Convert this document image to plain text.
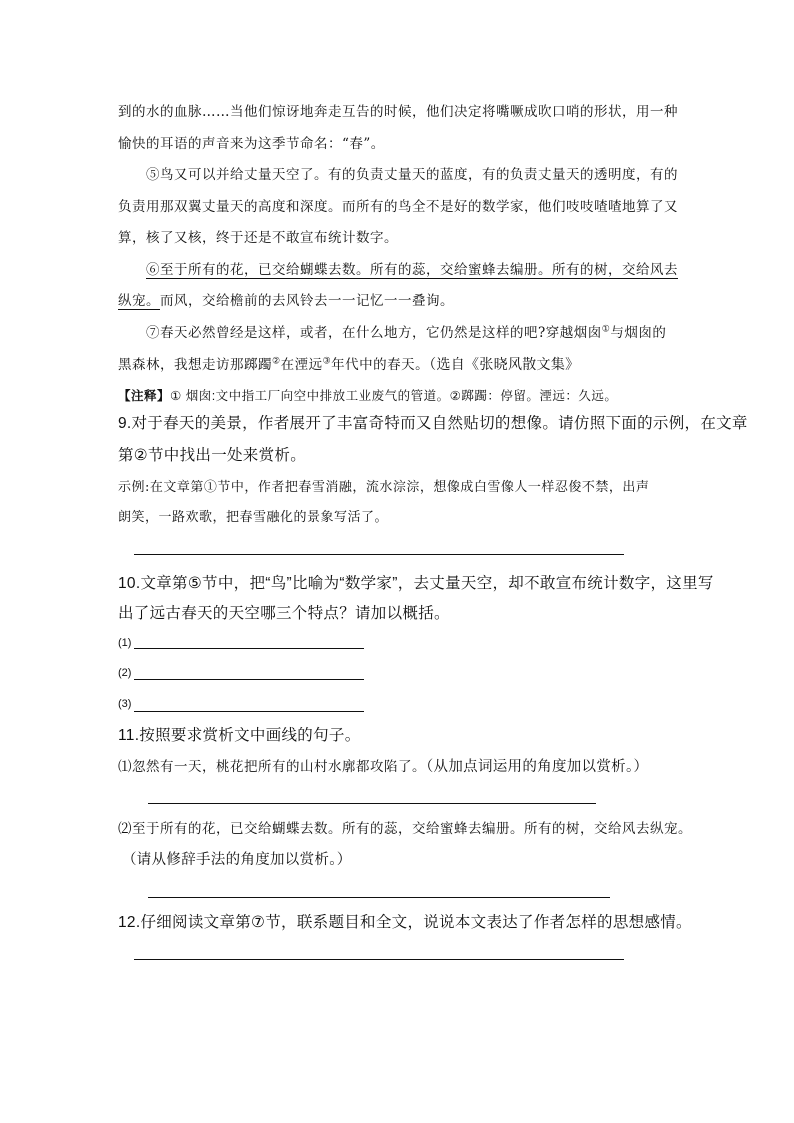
到的水的血脉……当他们惊讶地奔走互告的时候，他们决定将嘴噘成吹口哨的形状，用一种
愉快的耳语的声音来为这季节命名：“春”。
⑤鸟又可以并给丈量天空了。有的负责丈量天的蓝度，有的负责丈量天的透明度，有的
负责用那双翼丈量天的高度和深度。而所有的鸟全不是好的数学家，他们吱吱喳喳地算了又
算，核了又核，终于还是不敢宣布统计数字。
⑥至于所有的花，已交给蝴蝶去数。所有的蕊，交给蜜蜂去编册。所有的树，交给风去
纵宠。而风，交给檐前的去风铃去一一记忆一一叠询。
⑦春天必然曾经是这样，或者，在什么地方，它仍然是这样的吧?穿越烟囱①与烟囱的
黑森林，我想走访那踯躅②在湮远③年代中的春天。（选自《张晓风散文集》
【注释】① 烟囱:文中指工厂向空中排放工业废气的管道。②踯躅：停留。湮远：久远。
9.对于春天的美景，作者展开了丰富奇特而又自然贴切的想像。请仿照下面的示例，在文章
第②节中找出一处来赏析。
示例:在文章第①节中，作者把春雪消融，流水淙淙，想像成白雪像人一样忍俊不禁，出声
朗笑，一路欢歌，把春雪融化的景象写活了。
10.文章第⑤节中，把“鸟”比喻为“数学家”，去丈量天空，却不敢宣布统计数字，这里写
出了远古春天的天空哪三个特点？请加以概括。
(1)
(2)
(3)
11.按照要求赏析文中画线的句子。
⑴忽然有一天，桃花把所有的山村水廓都攻陷了。（从加点词运用的角度加以赏析。）
⑵至于所有的花，已交给蝴蝶去数。所有的蕊，交给蜜蜂去编册。所有的树，交给风去纵宠。
（请从修辞手法的角度加以赏析。）
12.仔细阅读文章第⑦节，联系题目和全文，说说本文表达了作者怎样的思想感情。
